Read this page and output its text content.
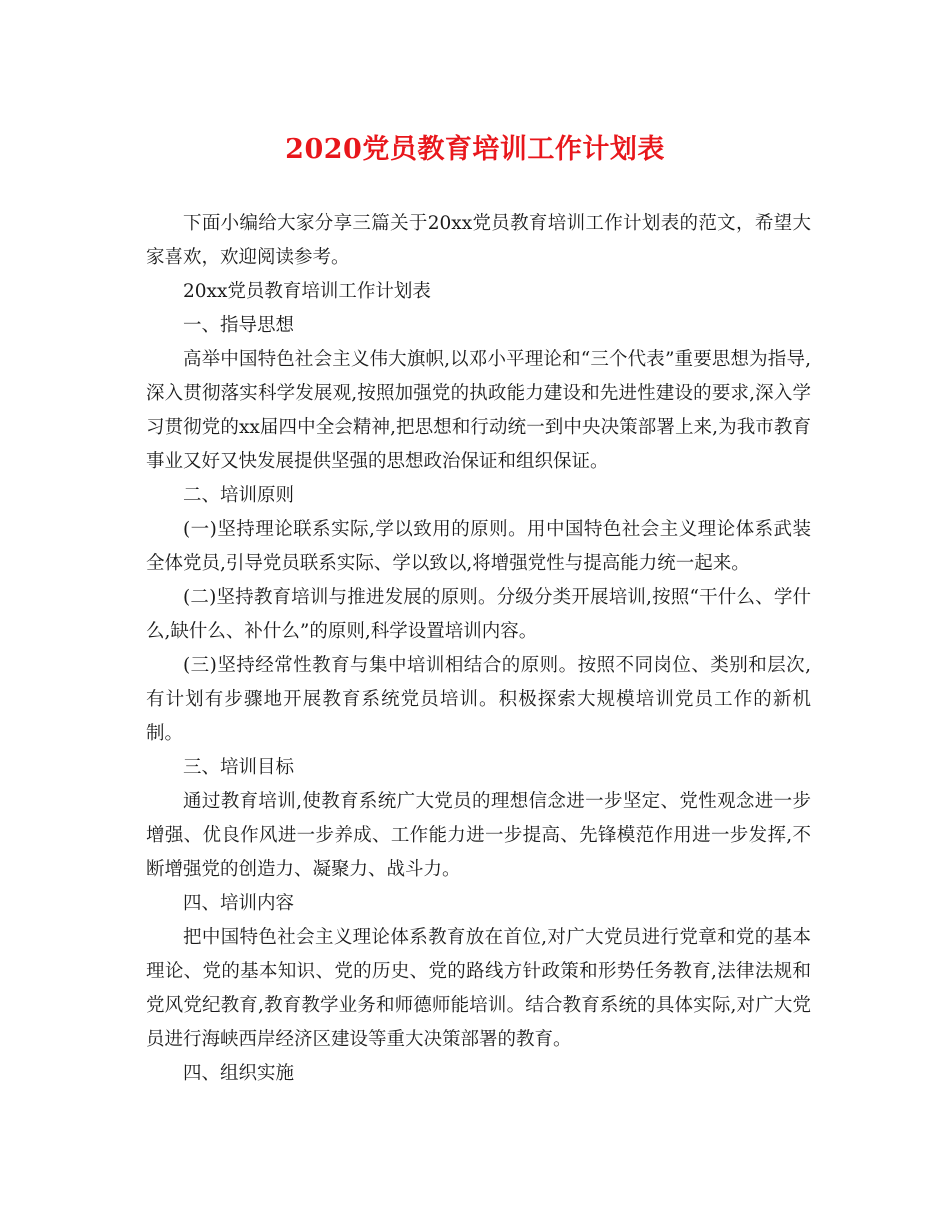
2020党员教育培训工作计划表

下面小编给大家分享三篇关于20xx党员教育培训工作计划表的范文，希望大家喜欢，欢迎阅读参考。

20xx党员教育培训工作计划表

一、指导思想

高举中国特色社会主义伟大旗帜,以邓小平理论和“三个代表”重要思想为指导,深入贯彻落实科学发展观,按照加强党的执政能力建设和先进性建设的要求,深入学习贯彻党的xx届四中全会精神,把思想和行动统一到中央决策部署上来,为我市教育事业又好又快发展提供坚强的思想政治保证和组织保证。

二、培训原则

(一)坚持理论联系实际,学以致用的原则。用中国特色社会主义理论体系武装全体党员,引导党员联系实际、学以致以,将增强党性与提高能力统一起来。

(二)坚持教育培训与推进发展的原则。分级分类开展培训,按照“干什么、学什么,缺什么、补什么”的原则,科学设置培训内容。

(三)坚持经常性教育与集中培训相结合的原则。按照不同岗位、类别和层次,有计划有步骤地开展教育系统党员培训。积极探索大规模培训党员工作的新机制。

三、培训目标

通过教育培训,使教育系统广大党员的理想信念进一步坚定、党性观念进一步增强、优良作风进一步养成、工作能力进一步提高、先锋模范作用进一步发挥,不断增强党的创造力、凝聚力、战斗力。

四、培训内容

把中国特色社会主义理论体系教育放在首位,对广大党员进行党章和党的基本理论、党的基本知识、党的历史、党的路线方针政策和形势任务教育,法律法规和党风党纪教育,教育教学业务和师德师能培训。结合教育系统的具体实际,对广大党员进行海峡西岸经济区建设等重大决策部署的教育。

四、组织实施
